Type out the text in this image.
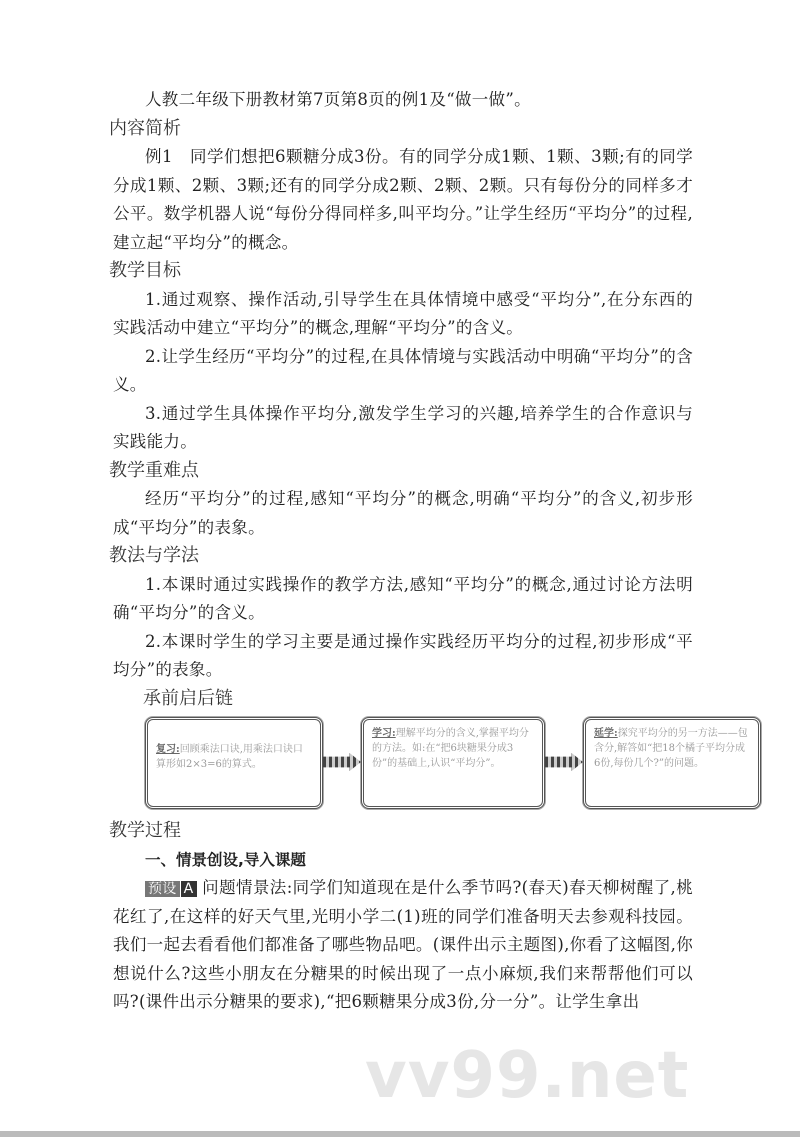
人教二年级下册教材第7页第8页的例1及“做一做”。

内容简析

例1　同学们想把6颗糖分成3份。有的同学分成1颗、1颗、3颗;有的同学分成1颗、2颗、3颗;还有的同学分成2颗、2颗、2颗。只有每份分的同样多才公平。数学机器人说“每份分得同样多,叫平均分。”让学生经历“平均分”的过程,建立起“平均分”的概念。

教学目标

1.通过观察、操作活动,引导学生在具体情境中感受“平均分”,在分东西的实践活动中建立“平均分”的概念,理解“平均分”的含义。

2.让学生经历“平均分”的过程,在具体情境与实践活动中明确“平均分”的含义。

3.通过学生具体操作平均分,激发学生学习的兴趣,培养学生的合作意识与实践能力。

教学重难点

经历“平均分”的过程,感知“平均分”的概念,明确“平均分”的含义,初步形成“平均分”的表象。

教法与学法

1.本课时通过实践操作的教学方法,感知“平均分”的概念,通过讨论方法明确“平均分”的含义。

2.本课时学生的学习主要是通过操作实践经历平均分的过程,初步形成“平均分”的表象。

承前启后链
复习:回顾乘法口诀,用乘法口诀口算形如2×3=6的算式。
学习:理解平均分的含义,掌握平均分的方法。如:在“把6块糖果分成3份”的基础上,认识“平均分”。
延学:探究平均分的另一方法——包含分,解答如“把18个橘子平均分成6份,每份几个?”的问题。
教学过程
一、情景创设,导入课题

预设 A 问题情景法:同学们知道现在是什么季节吗?(春天)春天柳树醒了,桃花红了,在这样的好天气里,光明小学二(1)班的同学们准备明天去参观科技园。我们一起去看看他们都准备了哪些物品吧。(课件出示主题图),你看了这幅图,你想说什么?这些小朋友在分糖果的时候出现了一点小麻烦,我们来帮帮他们可以吗?(课件出示分糖果的要求),“把6颗糖果分成3份,分一分”。让学生拿出

vv99.net
